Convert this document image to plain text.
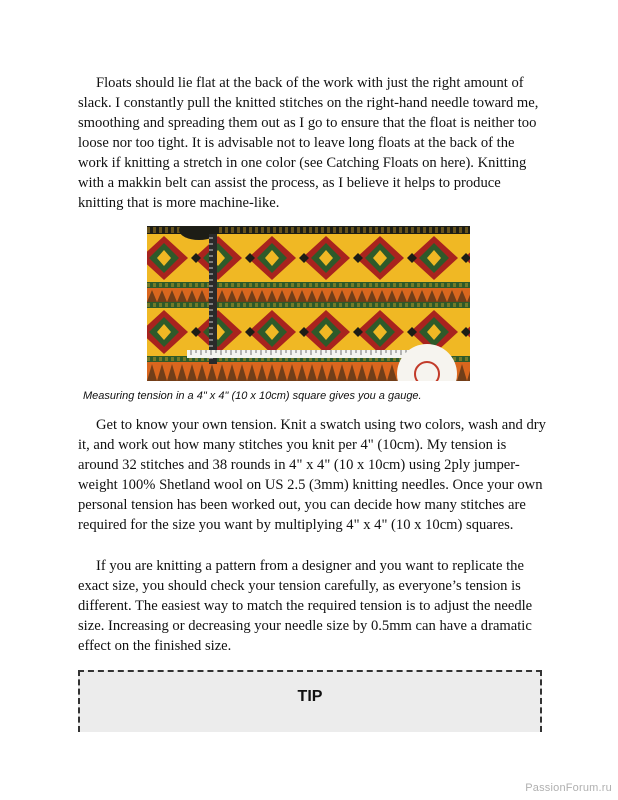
Floats should lie flat at the back of the work with just the right amount of slack. I constantly pull the knitted stitches on the right-hand needle toward me, smoothing and spreading them out as I go to ensure that the float is neither too loose nor too tight. It is advisable not to leave long floats at the back of the work if knitting a stretch in one color (see Catching Floats on here). Knitting with a makkin belt can assist the process, as I believe it helps to produce knitting that is more machine-like.

Measuring tension in a 4" x 4" (10 x 10cm) square gives you a gauge.

Get to know your own tension. Knit a swatch using two colors, wash and dry it, and work out how many stitches you knit per 4" (10cm). My tension is around 32 stitches and 38 rounds in 4" x 4" (10 x 10cm) using 2ply jumper-weight 100% Shetland wool on US 2.5 (3mm) knitting needles. Once your own personal tension has been worked out, you can decide how many stitches are required for the size you want by multiplying 4" x 4" (10 x 10cm) squares.

If you are knitting a pattern from a designer and you want to replicate the exact size, you should check your tension carefully, as everyone’s tension is different. The easiest way to match the required tension is to adjust the needle size. Increasing or decreasing your needle size by 0.5mm can have a dramatic effect on the finished size.

TIP
PassionForum.ru
